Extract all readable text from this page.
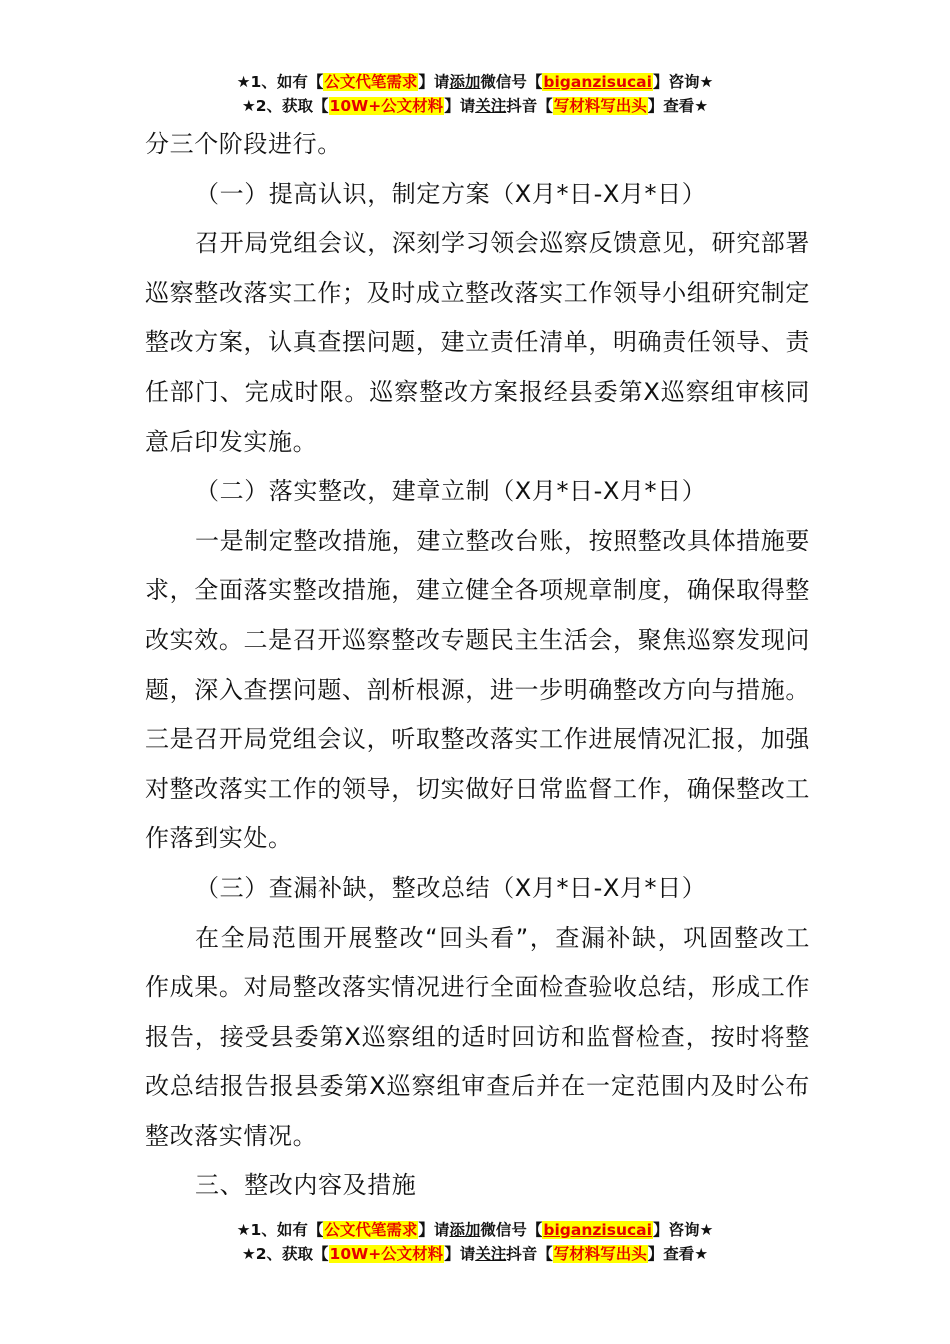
★1、如有【公文代笔需求】请添加微信号【biganzisucai】咨询★
★2、获取【10W+公文材料】请关注抖音【写材料写出头】查看★

分三个阶段进行。

（一）提高认识，制定方案（X月*日-X月*日）

召开局党组会议，深刻学习领会巡察反馈意见，研究部署巡察整改落实工作；及时成立整改落实工作领导小组研究制定整改方案，认真查摆问题，建立责任清单，明确责任领导、责任部门、完成时限。巡察整改方案报经县委第X巡察组审核同意后印发实施。

（二）落实整改，建章立制（X月*日-X月*日）

一是制定整改措施，建立整改台账，按照整改具体措施要求，全面落实整改措施，建立健全各项规章制度，确保取得整改实效。二是召开巡察整改专题民主生活会，聚焦巡察发现问题，深入查摆问题、剖析根源，进一步明确整改方向与措施。三是召开局党组会议，听取整改落实工作进展情况汇报，加强对整改落实工作的领导，切实做好日常监督工作，确保整改工作落到实处。

（三）查漏补缺，整改总结（X月*日-X月*日）

在全局范围开展整改“回头看”，查漏补缺，巩固整改工作成果。对局整改落实情况进行全面检查验收总结，形成工作报告，接受县委第X巡察组的适时回访和监督检查，按时将整改总结报告报县委第X巡察组审查后并在一定范围内及时公布整改落实情况。

三、整改内容及措施

★1、如有【公文代笔需求】请添加微信号【biganzisucai】咨询★
★2、获取【10W+公文材料】请关注抖音【写材料写出头】查看★
